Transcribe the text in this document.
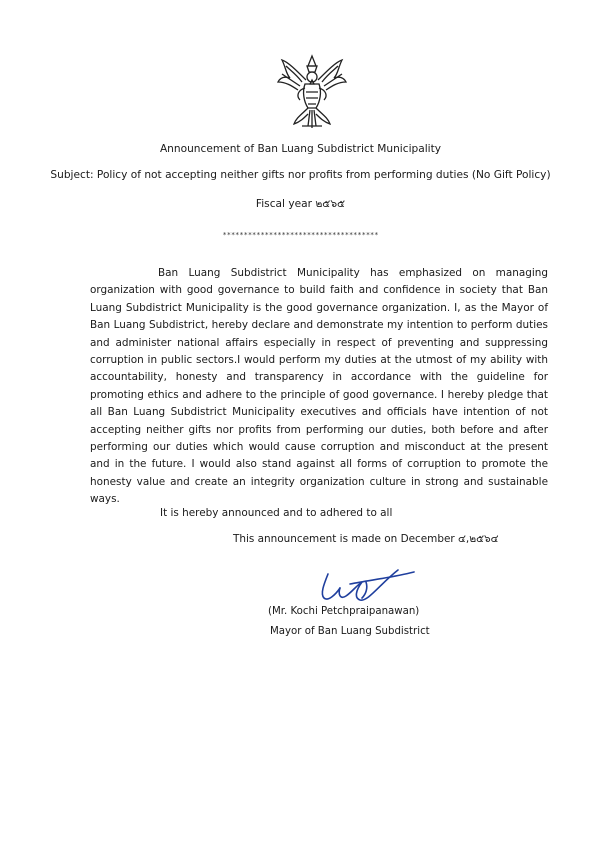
Announcement of Ban Luang Subdistrict Municipality
Subject: Policy of not accepting neither gifts nor profits from performing duties (No Gift Policy)
Fiscal year ๒๕๖๕
*************************************

Ban Luang Subdistrict Municipality has emphasized on managing organization with good governance to build faith and confidence in society that Ban Luang Subdistrict Municipality is the good governance organization. I, as the Mayor of Ban Luang Subdistrict, hereby declare and demonstrate my intention to perform duties and administer national affairs especially in respect of preventing and suppressing corruption in public sectors.I would perform my duties at the utmost of my ability with accountability, honesty and transparency in accordance with the guideline for promoting ethics and adhere to the principle of good governance. I hereby pledge that all Ban Luang Subdistrict Municipality executives and officials have intention of not accepting neither gifts nor profits from performing our duties, both before and after performing our duties which would cause corruption and misconduct at the present and in the future. I would also stand against all forms of corruption to promote the honesty value and create an integrity organization culture in strong and sustainable ways.

It is hereby announced and to adhered to all
This announcement is made on December ๔,๒๕๖๔
(Mr. Kochi Petchpraipanawan)
Mayor of Ban Luang Subdistrict
